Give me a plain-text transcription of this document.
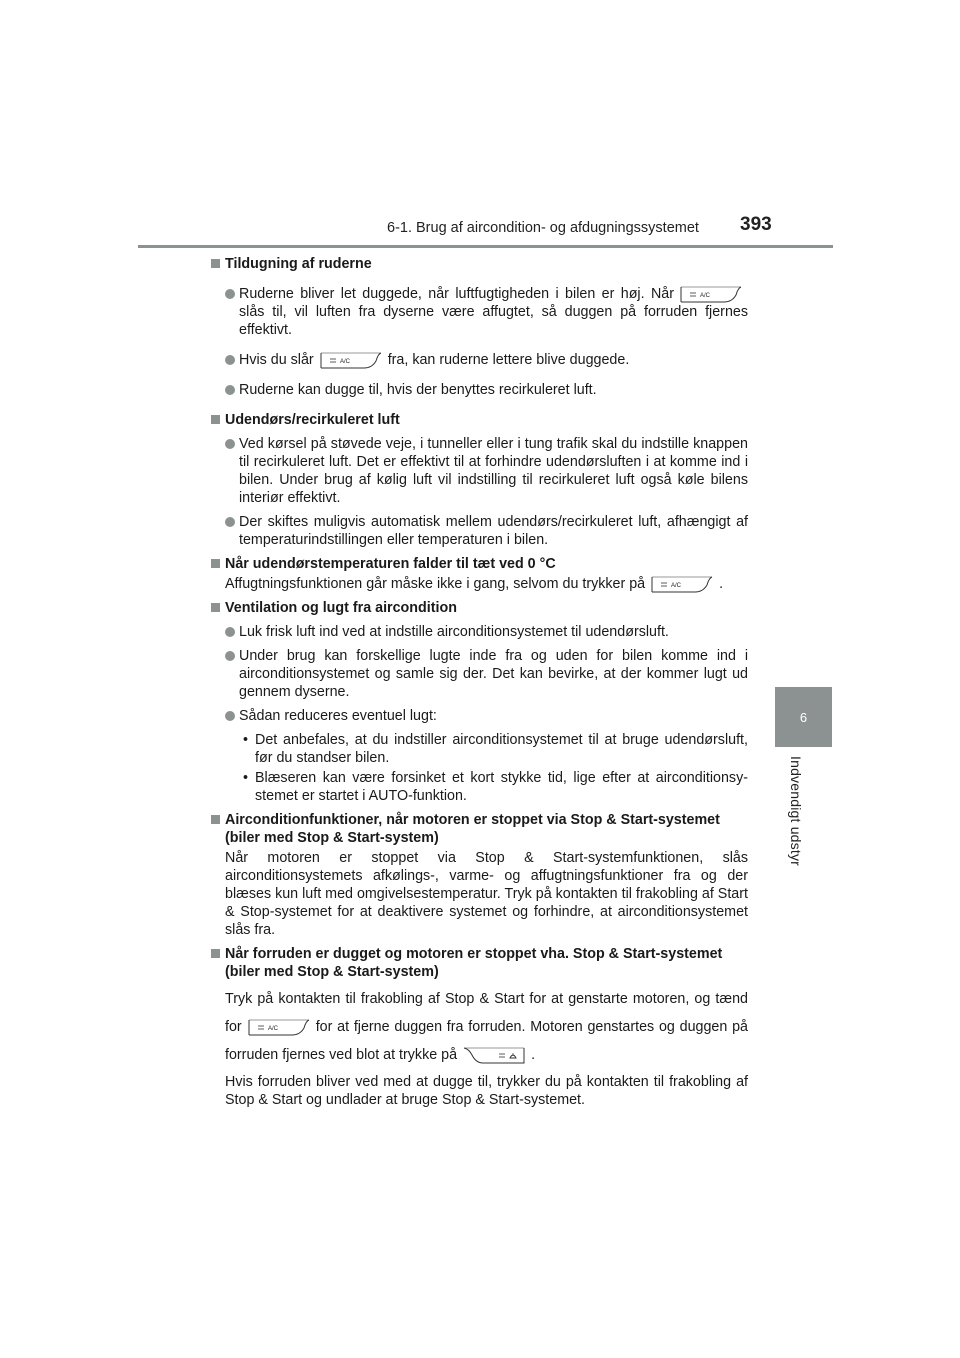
6-1. Brug af aircondition- og afdugningssystemet 393
6
Indvendigt udstyr
Tildugning af ruderne
Ruderne bliver let duggede, når luftfugtigheden i bilen er høj. Når	A/C
slås til, vil luften fra dyserne være affugtet, så duggen på forruden fjernes effektivt.
Hvis du slår	A/C	fra, kan ruderne lettere blive duggede.
Ruderne kan dugge til, hvis der benyttes recirkuleret luft.
Udendørs/recirkuleret luft
Ved kørsel på støvede veje, i tunneller eller i tung trafik skal du indstille knappen til recirkuleret luft. Det er effektivt til at forhindre udendørsluften i at komme ind i bilen. Under brug af kølig luft vil indstilling til recirkuleret luft også køle bilens interiør effektivt.
Der skiftes muligvis automatisk mellem udendørs/recirkuleret luft, afhængigt af temperaturindstillingen eller temperaturen i bilen.
Når udendørstemperaturen falder til tæt ved 0 °C
Affugtningsfunktionen går måske ikke i gang, selvom du trykker på	A/C	.
Ventilation og lugt fra aircondition
Luk frisk luft ind ved at indstille airconditionsystemet til udendørsluft.
Under brug kan forskellige lugte inde fra og uden for bilen komme ind i airconditionsystemet og samle sig der. Det kan bevirke, at der kommer lugt ud gennem dyserne.
Sådan reduceres eventuel lugt:
• Det anbefales, at du indstiller airconditionsystemet til at bruge udendørsluft, før du standser bilen.
• Blæseren kan være forsinket et kort stykke tid, lige efter at airconditionsy-stemet er startet i AUTO-funktion.
Airconditionfunktioner, når motoren er stoppet via Stop & Start-systemet (biler med Stop & Start-system)
Når motoren er stoppet via Stop & Start-systemfunktionen, slås airconditionsystemets afkølings-, varme- og affugtningsfunktioner fra og der blæses kun luft med omgivelsestemperatur. Tryk på kontakten til frakobling af Start & Stop-systemet for at deaktivere systemet og forhindre, at airconditionsystemet slås fra.
Når forruden er dugget og motoren er stoppet vha. Stop & Start-systemet (biler med Stop & Start-system)
Tryk på kontakten til frakobling af Stop & Start for at genstarte motoren, og tænd for	A/C	for at fjerne duggen fra forruden. Motoren genstartes og duggen på forruden fjernes ved blot at trykke på	.
Hvis forruden bliver ved med at dugge til, trykker du på kontakten til frakobling af Stop & Start og undlader at bruge Stop & Start-systemet.
